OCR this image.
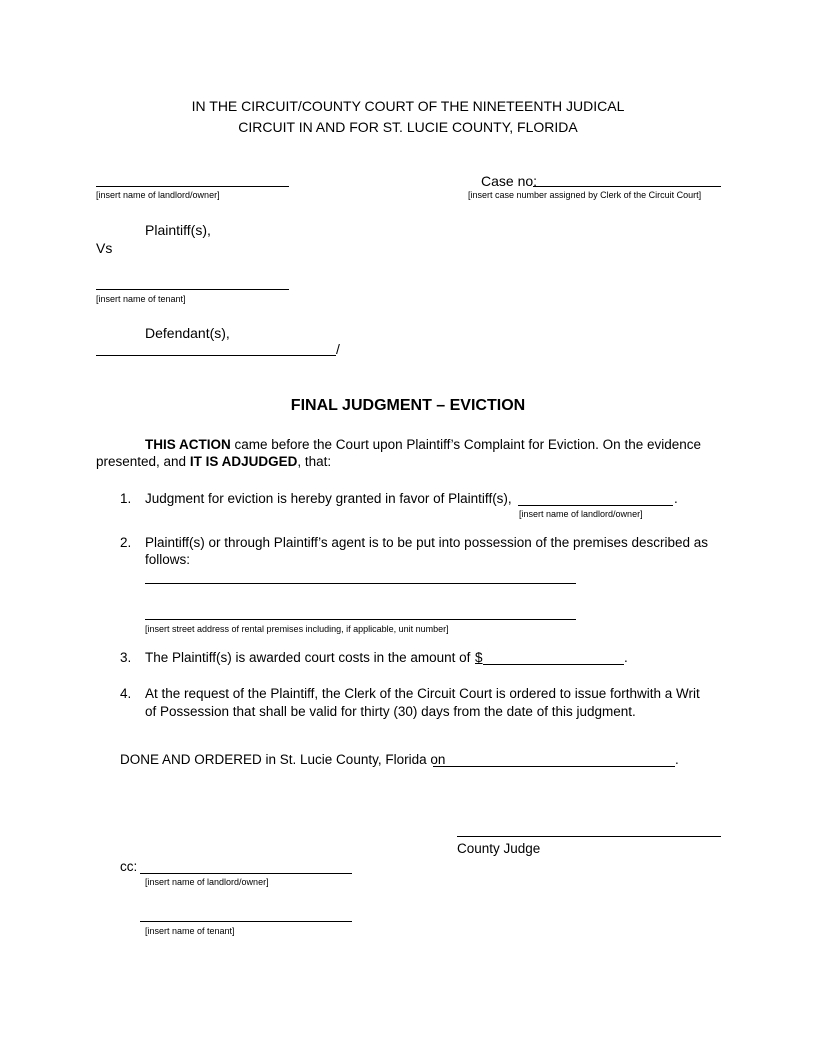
IN THE CIRCUIT/COUNTY COURT OF THE NINETEENTH JUDICAL
CIRCUIT IN AND FOR ST. LUCIE COUNTY, FLORIDA
[insert name of landlord/owner]
Case no:
[insert case number assigned by Clerk of the Circuit Court]
Plaintiff(s),
Vs
[insert name of tenant]
Defendant(s),
/
FINAL JUDGMENT – EVICTION
THIS ACTION came before the Court upon Plaintiff’s Complaint for Eviction. On the evidence presented, and IT IS ADJUDGED, that:
1. Judgment for eviction is hereby granted in favor of Plaintiff(s),	.
[insert name of landlord/owner]
2. Plaintiff(s) or through Plaintiff’s agent is to be put into possession of the premises described as
follows:
[insert street address of rental premises including, if applicable, unit number]
3. The Plaintiff(s) is awarded court costs in the amount of $	.
4. At the request of the Plaintiff, the Clerk of the Circuit Court is ordered to issue forthwith a Writ
of Possession that shall be valid for thirty (30) days from the date of this judgment.
DONE AND ORDERED in St. Lucie County, Florida on	.
County Judge
cc:
[insert name of landlord/owner]
[insert name of tenant]
